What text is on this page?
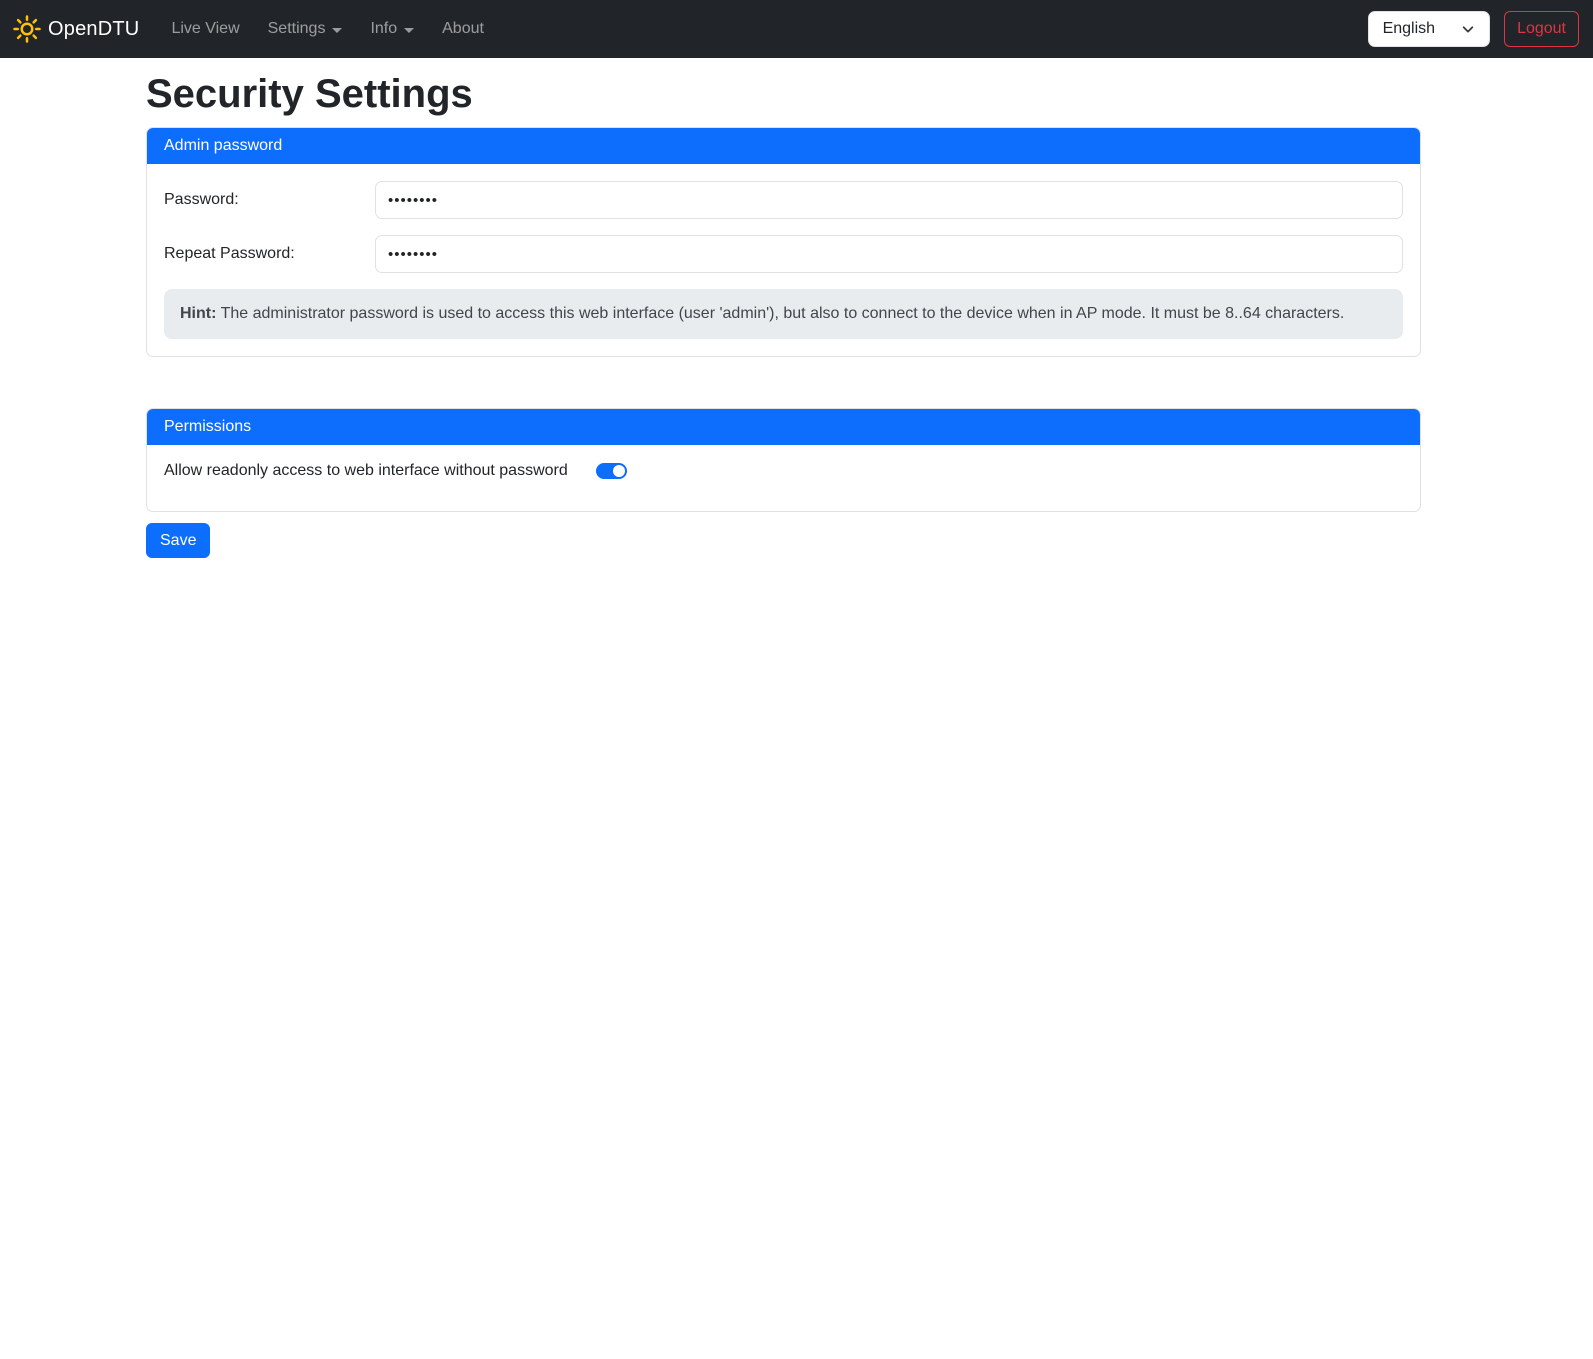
OpenDTU Live View Settings	Info	About	English	Logout
Security Settings
Admin password
Password:
••••••••
Repeat Password:
••••••••
Hint: The administrator password is used to access this web interface (user 'admin'), but also to connect to the device when in AP mode. It must be 8..64 characters.
Permissions
Allow readonly access to web interface without password
Save
